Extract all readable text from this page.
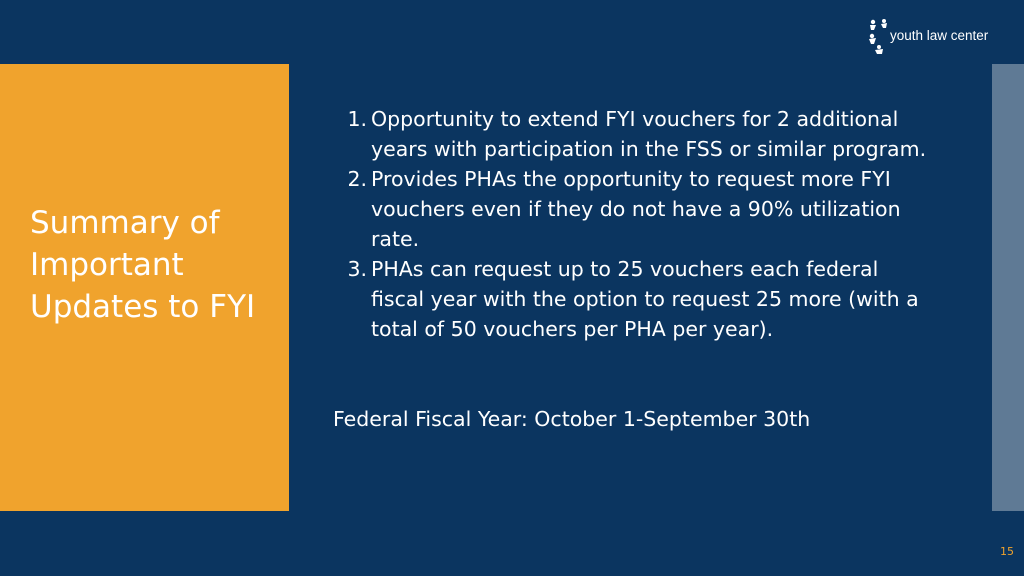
youth law center
Summary of Important Updates to FYI
1. Opportunity to extend FYI vouchers for 2 additional years with participation in the FSS or similar program.
2. Provides PHAs the opportunity to request more FYI vouchers even if they do not have a 90% utilization rate.
3. PHAs can request up to 25 vouchers each federal fiscal year with the option to request 25 more (with a total of 50 vouchers per PHA per year).
Federal Fiscal Year: October 1-September 30th
15
